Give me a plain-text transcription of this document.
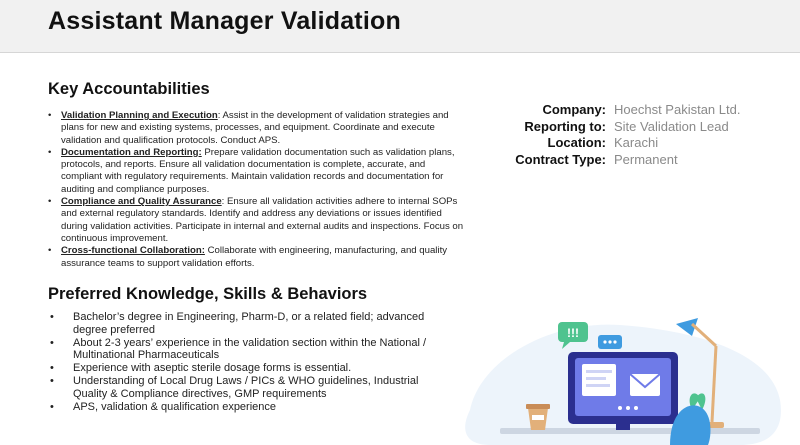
Assistant Manager Validation
Key Accountabilities
• Validation Planning and Execution: Assist in the development of validation strategies and plans for new and existing systems, processes, and equipment. Coordinate and execute validation and qualification protocols. Conduct APS.
• Documentation and Reporting: Prepare validation documentation such as validation plans, protocols, and reports. Ensure all validation documentation is complete, accurate, and compliant with regulatory requirements. Maintain validation records and documentation for auditing and compliance purposes.
• Compliance and Quality Assurance: Ensure all validation activities adhere to internal SOPs and external regulatory standards. Identify and address any deviations or issues identified during validation activities. Participate in internal and external audits and inspections. Focus on continuous improvement.
• Cross-functional Collaboration: Collaborate with engineering, manufacturing, and quality assurance teams to support validation efforts.
Preferred Knowledge, Skills & Behaviors
• Bachelor’s degree in Engineering, Pharm-D, or a related field; advanced degree preferred
• About 2-3 years’ experience in the validation section within the National / Multinational Pharmaceuticals
• Experience with aseptic sterile dosage forms is essential.
• Understanding of Local Drug Laws / PICs & WHO guidelines, Industrial Quality & Compliance directives, GMP requirements
• APS, validation & qualification experience
Company: Hoechst Pakistan Ltd.
Reporting to: Site Validation Lead
Location: Karachi
Contract Type: Permanent
!!!
